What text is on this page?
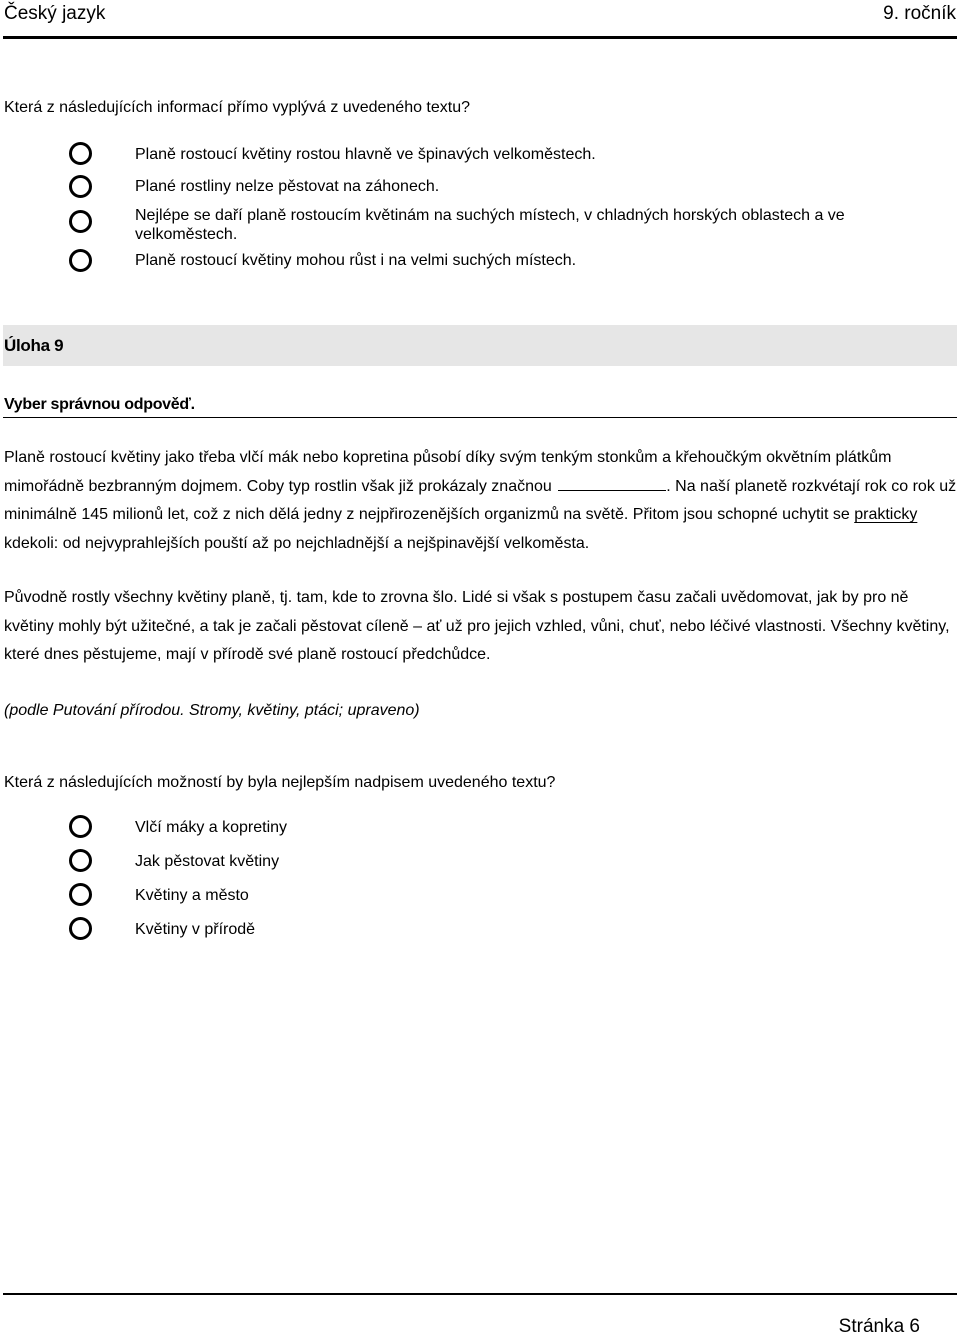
Český jazyk	9. ročník
Která z následujících informací přímo vyplývá z uvedeného textu?
Planě rostoucí květiny rostou hlavně ve špinavých velkoměstech.
Plané rostliny nelze pěstovat na záhonech.
Nejlépe se daří planě rostoucím květinám na suchých místech, v chladných horských oblastech a ve velkoměstech.
Planě rostoucí květiny mohou růst i na velmi suchých místech.
Úloha 9
Vyber správnou odpověď.
Planě rostoucí květiny jako třeba vlčí mák nebo kopretina působí díky svým tenkým stonkům a křehoučkým okvětním plátkům mimořádně bezbranným dojmem. Coby typ rostlin však již prokázaly značnou	. Na naší planetě rozkvétají rok co rok už minimálně 145 milionů let, což z nich dělá jedny z nejpřirozenějších organizmů na světě. Přitom jsou schopné uchytit se prakticky kdekoli: od nejvyprahlejších pouští až po nejchladnější a nejšpinavější velkoměsta.
Původně rostly všechny květiny planě, tj. tam, kde to zrovna šlo. Lidé si však s postupem času začali uvědomovat, jak by pro ně květiny mohly být užitečné, a tak je začali pěstovat cíleně – ať už pro jejich vzhled, vůni, chuť, nebo léčivé vlastnosti. Všechny květiny, které dnes pěstujeme, mají v přírodě své planě rostoucí předchůdce.
(podle Putování přírodou. Stromy, květiny, ptáci; upraveno)
Která z následujících možností by byla nejlepším nadpisem uvedeného textu?
Vlčí máky a kopretiny
Jak pěstovat květiny
Květiny a město
Květiny v přírodě
Stránka 6
